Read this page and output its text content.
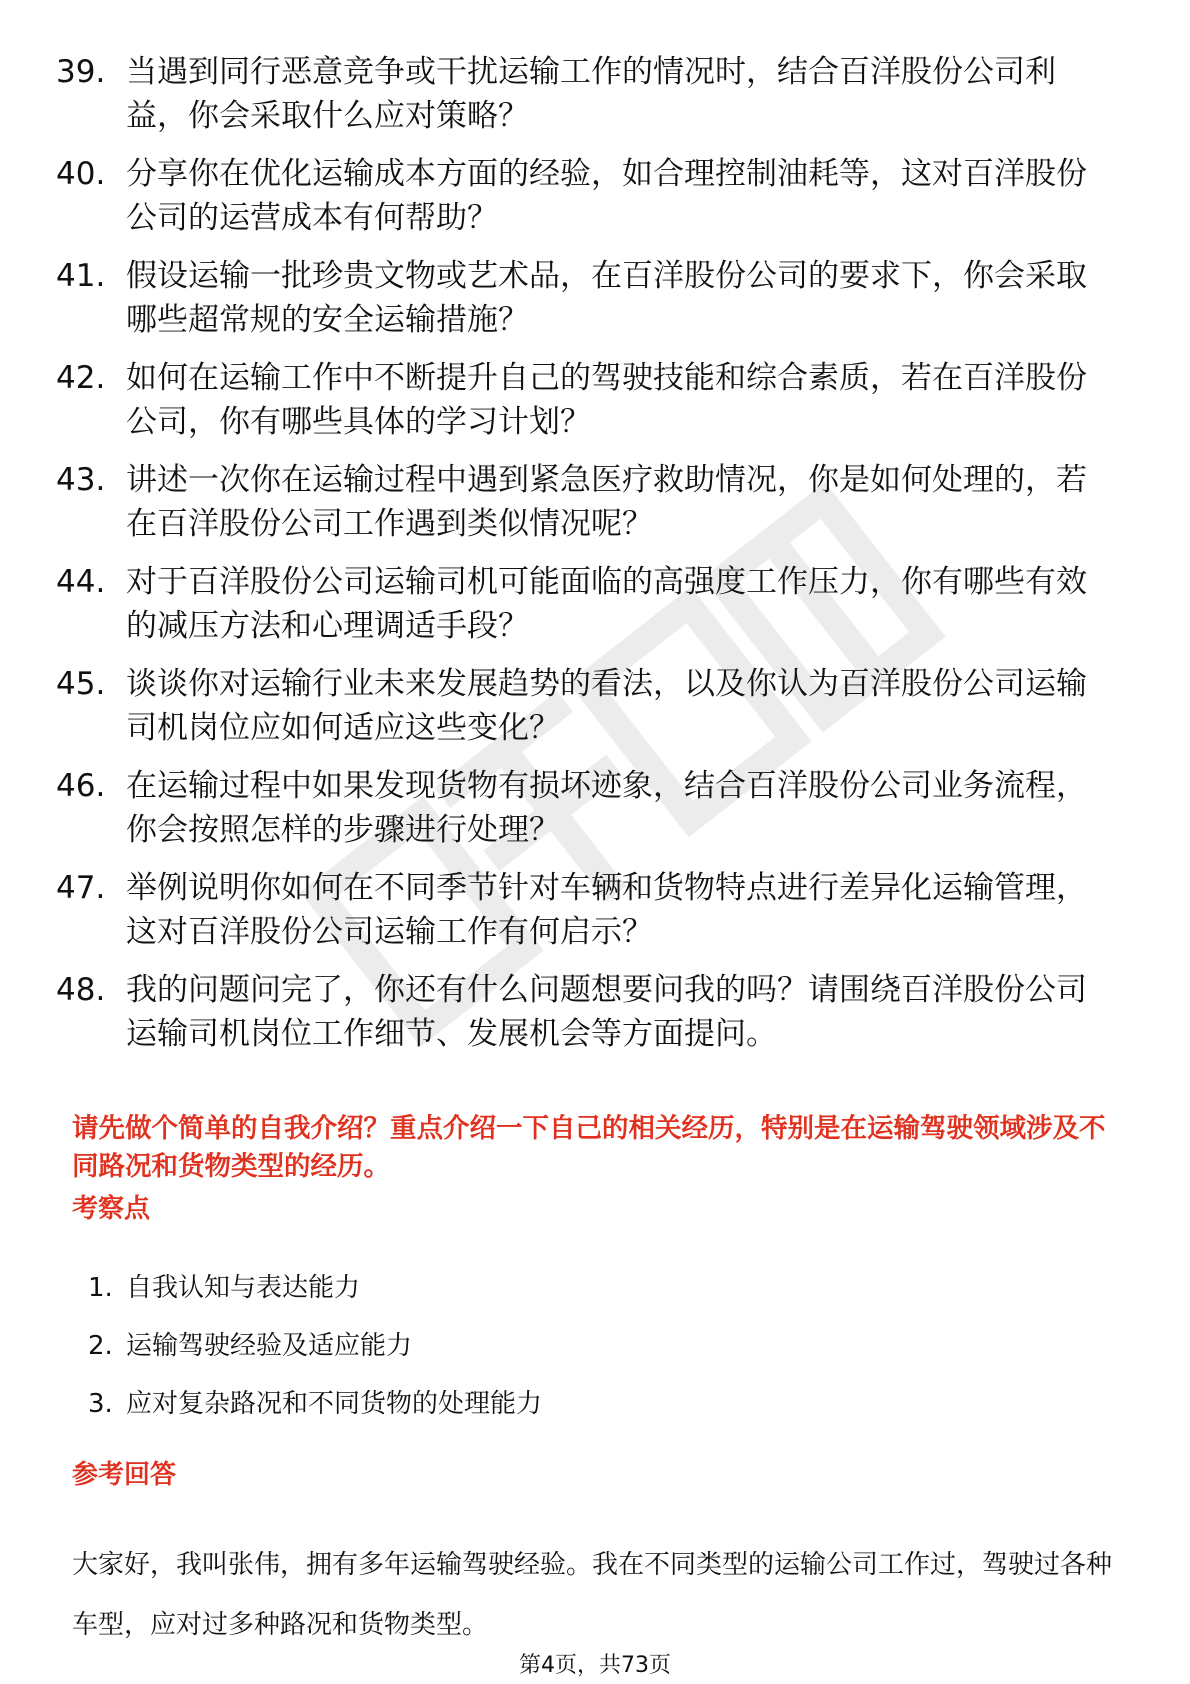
39. 当遇到同行恶意竞争或干扰运输工作的情况时，结合百洋股份公司利益，你会采取什么应对策略？
40. 分享你在优化运输成本方面的经验，如合理控制油耗等，这对百洋股份公司的运营成本有何帮助？
41. 假设运输一批珍贵文物或艺术品，在百洋股份公司的要求下，你会采取哪些超常规的安全运输措施？
42. 如何在运输工作中不断提升自己的驾驶技能和综合素质，若在百洋股份公司，你有哪些具体的学习计划？
43. 讲述一次你在运输过程中遇到紧急医疗救助情况，你是如何处理的，若在百洋股份公司工作遇到类似情况呢？
44. 对于百洋股份公司运输司机可能面临的高强度工作压力，你有哪些有效的减压方法和心理调适手段？
45. 谈谈你对运输行业未来发展趋势的看法，以及你认为百洋股份公司运输司机岗位应如何适应这些变化？
46. 在运输过程中如果发现货物有损坏迹象，结合百洋股份公司业务流程，你会按照怎样的步骤进行处理？
47. 举例说明你如何在不同季节针对车辆和货物特点进行差异化运输管理，这对百洋股份公司运输工作有何启示？
48. 我的问题问完了，你还有什么问题想要问我的吗？请围绕百洋股份公司运输司机岗位工作细节、发展机会等方面提问。

请先做个简单的自我介绍？重点介绍一下自己的相关经历，特别是在运输驾驶领域涉及不同路况和货物类型的经历。

考察点
1. 自我认知与表达能力
2. 运输驾驶经验及适应能力
3. 应对复杂路况和不同货物的处理能力
参考回答

大家好，我叫张伟，拥有多年运输驾驶经验。我在不同类型的运输公司工作过，驾驶过各种车型，应对过多种路况和货物类型。

第4页，共73页
